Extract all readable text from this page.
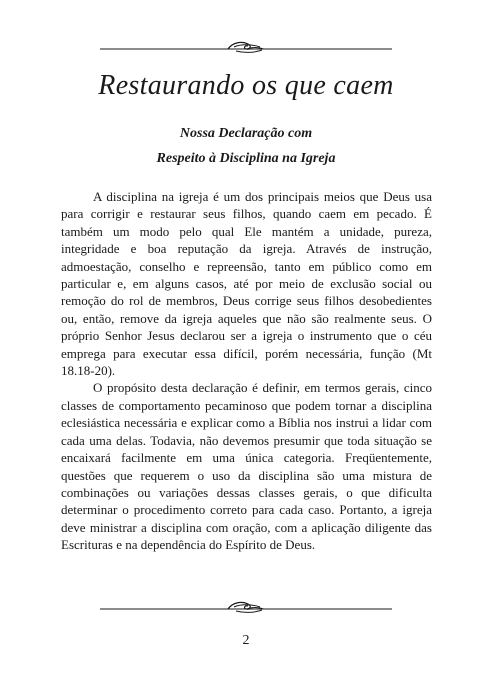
Restaurando os que caem
Nossa Declaração com
Respeito à Disciplina na Igreja

A disciplina na igreja é um dos principais meios que Deus usa para corrigir e restaurar seus filhos, quando caem em pecado. É também um modo pelo qual Ele mantém a unidade, pureza, integridade e boa reputação da igreja. Através de instrução, admoestação, conselho e repreensão, tanto em público como em particular e, em alguns casos, até por meio de exclusão social ou remoção do rol de membros, Deus corrige seus filhos desobedientes ou, então, remove da igreja aqueles que não são realmente seus. O próprio Senhor Jesus declarou ser a igreja o instrumento que o céu emprega para executar essa difícil, porém necessária, função (Mt 18.18-20).

O propósito desta declaração é definir, em termos gerais, cinco classes de comportamento pecaminoso que podem tornar a disciplina eclesiástica necessária e explicar como a Bíblia nos instrui a lidar com cada uma delas. Todavia, não devemos presumir que toda situação se encaixará facilmente em uma única categoria. Freqüentemente, questões que requerem o uso da disciplina são uma mistura de combinações ou variações dessas classes gerais, o que dificulta determinar o procedimento correto para cada caso. Portanto, a igreja deve ministrar a disciplina com oração, com a aplicação diligente das Escrituras e na dependência do Espírito de Deus.

2
